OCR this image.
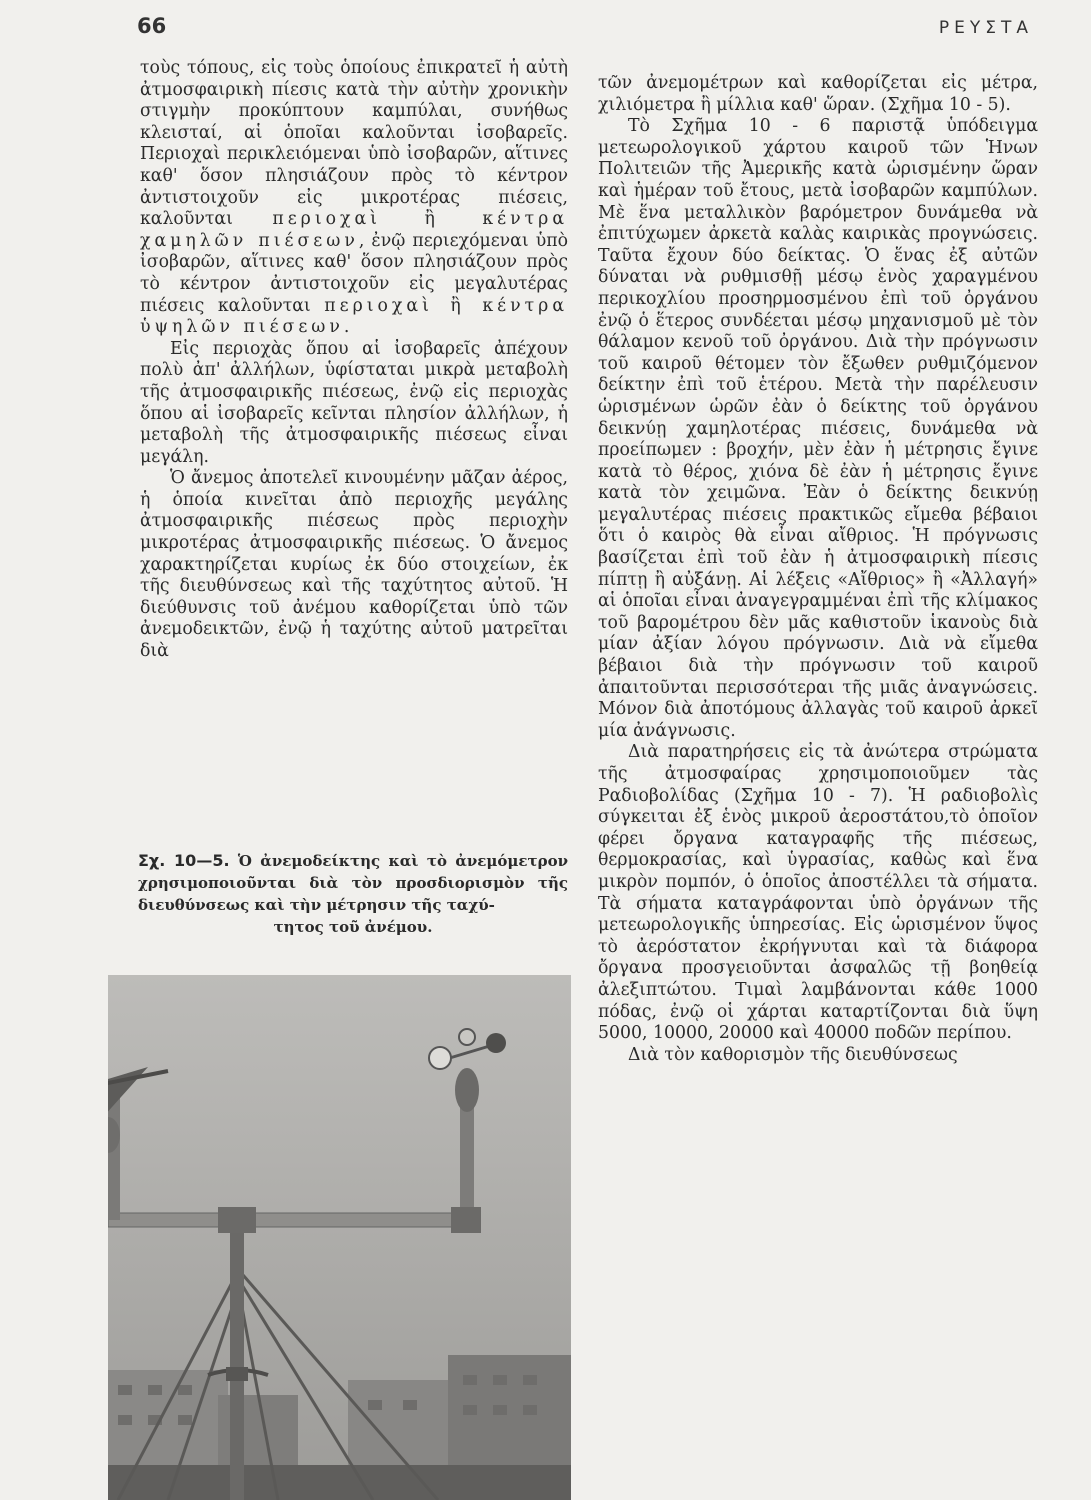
66	ΡΕΥΣΤΑ

τοὺς τόπους, εἰς τοὺς ὁποίους ἐπικρατεῖ ἡ αὐτὴ ἀτμοσφαιρικὴ πίεσις κατὰ τὴν αὐτὴν χρονικὴν στιγμὴν προκύπτουν καμπύλαι, συνήθως κλεισταί, αἱ ὁποῖαι καλοῦνται ἰσοβαρεῖς. Περιοχαὶ περικλειόμεναι ὑπὸ ἰσοβαρῶν, αἵτινες καθ' ὅσον πλησιάζουν πρὸς τὸ κέντρον ἀντιστοιχοῦν εἰς μικροτέρας πιέσεις, καλοῦνται περιοχαὶ ἢ κέντρα χαμηλῶν πιέσεων, ἐνῷ περιεχόμεναι ὑπὸ ἰσοβαρῶν, αἵτινες καθ' ὅσον πλησιάζουν πρὸς τὸ κέντρον ἀντιστοιχοῦν εἰς μεγαλυτέρας πιέσεις καλοῦνται περιοχαὶ ἢ κέντρα ὑψηλῶν πιέσεων.

Εἰς περιοχὰς ὅπου αἱ ἰσοβαρεῖς ἀπέχουν πολὺ ἀπ' ἀλλήλων, ὑφίσταται μικρὰ μεταβολὴ τῆς ἀτμοσφαιρικῆς πιέσεως, ἐνῷ εἰς περιοχὰς ὅπου αἱ ἰσοβαρεῖς κεῖνται πλησίον ἀλλήλων, ἡ μεταβολὴ τῆς ἀτμοσφαιρικῆς πιέσεως εἶναι μεγάλη.

Ὁ ἄνεμος ἀποτελεῖ κινουμένην μᾶζαν ἀέρος, ἡ ὁποία κινεῖται ἀπὸ περιοχῆς μεγάλης ἀτμοσφαιρικῆς πιέσεως πρὸς περιοχὴν μικροτέρας ἀτμοσφαιρικῆς πιέσεως. Ὁ ἄνεμος χαρακτηρίζεται κυρίως ἐκ δύο στοιχείων, ἐκ τῆς διευθύνσεως καὶ τῆς ταχύτητος αὐτοῦ. Ἡ διεύθυνσις τοῦ ἀνέμου καθορίζεται ὑπὸ τῶν ἀνεμοδεικτῶν, ἐνῷ ἡ ταχύτης αὐτοῦ ματρεῖται διὰ

Σχ. 10—5. Ὁ ἀνεμοδείκτης καὶ τὸ ἀνεμόμετρον χρησιμοποιοῦνται διὰ τὸν προσδιορισμὸν τῆς διευθύνσεως καὶ τὴν μέτρησιν τῆς ταχύ-
τητος τοῦ ἀνέμου.

τῶν ἀνεμομέτρων καὶ καθορίζεται εἰς μέτρα, χιλιόμετρα ἢ μίλλια καθ' ὥραν. (Σχῆμα 10 - 5).

Τὸ Σχῆμα 10 - 6 παριστᾷ ὑπόδειγμα μετεωρολογικοῦ χάρτου καιροῦ τῶν Ἡνων Πολιτειῶν τῆς Ἀμερικῆς κατὰ ὡρισμένην ὥραν καὶ ἡμέραν τοῦ ἔτους, μετὰ ἰσοβαρῶν καμπύλων. Μὲ ἕνα μεταλλικὸν βαρόμετρον δυνάμεθα νὰ ἐπιτύχωμεν ἀρκετὰ καλὰς καιρικὰς προγνώσεις. Ταῦτα ἔχουν δύο δείκτας. Ὁ ἕνας ἐξ αὐτῶν δύναται νὰ ρυθμισθῇ μέσῳ ἑνὸς χαραγμένου περικοχλίου προσηρμοσμένου ἐπὶ τοῦ ὀργάνου ἐνῷ ὁ ἕτερος συνδέεται μέσῳ μηχανισμοῦ μὲ τὸν θάλαμον κενοῦ τοῦ ὀργάνου. Διὰ τὴν πρόγνωσιν τοῦ καιροῦ θέτομεν τὸν ἔξωθεν ρυθμιζόμενον δείκτην ἐπὶ τοῦ ἑτέρου. Μετὰ τὴν παρέλευσιν ὡρισμένων ὡρῶν ἐὰν ὁ δείκτης τοῦ ὀργάνου δεικνύῃ χαμηλοτέρας πιέσεις, δυνάμεθα νὰ προείπωμεν : βροχήν, μὲν ἐὰν ἡ μέτρησις ἔγινε κατὰ τὸ θέρος, χιόνα δὲ ἐὰν ἡ μέτρησις ἔγινε κατὰ τὸν χειμῶνα. Ἐὰν ὁ δείκτης δεικνύῃ μεγαλυτέρας πιέσεις πρακτικῶς εἴμεθα βέβαιοι ὅτι ὁ καιρὸς θὰ εἶναι αἴθριος. Ἡ πρόγνωσις βασίζεται ἐπὶ τοῦ ἐὰν ἡ ἀτμοσφαιρικὴ πίεσις πίπτῃ ἢ αὐξάνῃ. Αἱ λέξεις «Αἴθριος» ἢ «Ἀλλαγή» αἱ ὁποῖαι εἶναι ἀναγεγραμμέναι ἐπὶ τῆς κλίμακος τοῦ βαρομέτρου δὲν μᾶς καθιστοῦν ἱκανοὺς διὰ μίαν ἀξίαν λόγου πρόγνωσιν. Διὰ νὰ εἴμεθα βέβαιοι διὰ τὴν πρόγνωσιν τοῦ καιροῦ ἀπαιτοῦνται περισσότεραι τῆς μιᾶς ἀναγνώσεις. Μόνον διὰ ἀποτόμους ἀλλαγὰς τοῦ καιροῦ ἀρκεῖ μία ἀνάγνωσις.

Διὰ παρατηρήσεις εἰς τὰ ἀνώτερα στρώματα τῆς ἀτμοσφαίρας χρησιμοποιοῦμεν τὰς Ραδιοβολίδας (Σχῆμα 10 - 7). Ἡ ραδιοβολὶς σύγκειται ἐξ ἑνὸς μικροῦ ἀεροστάτου,τὸ ὁποῖον φέρει ὄργανα καταγραφῆς τῆς πιέσεως, θερμοκρασίας, καὶ ὑγρασίας, καθὼς καὶ ἕνα μικρὸν πομπόν, ὁ ὁποῖος ἀποστέλλει τὰ σήματα. Τὰ σήματα καταγράφονται ὑπὸ ὀργάνων τῆς μετεωρολογικῆς ὑπηρεσίας. Εἰς ὡρισμένον ὕψος τὸ ἀερόστατον ἐκρήγνυται καὶ τὰ διάφορα ὄργανα προσγειοῦνται ἀσφαλῶς τῇ βοηθείᾳ ἀλεξιπτώτου. Τιμαὶ λαμβάνονται κάθε 1000 πόδας, ἐνῷ οἱ χάρται καταρτίζονται διὰ ὕψη 5000, 10000, 20000 καὶ 40000 ποδῶν περίπου.

Διὰ τὸν καθορισμὸν τῆς διευθύνσεως
